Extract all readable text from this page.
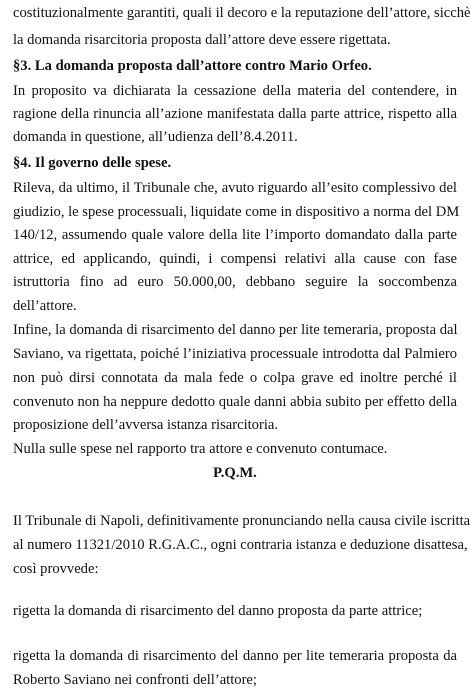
costituzionalmente garantiti, quali il decoro e la reputazione dell’attore, sicchè

la domanda risarcitoria proposta dall’attore deve essere rigettata.

§3. La domanda proposta dall’attore contro Mario Orfeo.

In proposito va dichiarata la cessazione della materia del contendere, in

ragione della rinuncia all’azione manifestata dalla parte attrice, rispetto alla

domanda in questione, all’udienza dell’8.4.2011.

§4. Il governo delle spese.

Rileva, da ultimo, il Tribunale che, avuto riguardo all’esito complessivo del

giudizio, le spese processuali, liquidate come in dispositivo a norma del DM

140/12, assumendo quale valore della lite l’importo domandato dalla parte

attrice, ed applicando, quindi, i compensi relativi alla cause con fase

istruttoria fino ad euro 50.000,00, debbano seguire la soccombenza

dell’attore.

Infine, la domanda di risarcimento del danno per lite temeraria, proposta dal

Saviano, va rigettata, poiché l’iniziativa processuale introdotta dal Palmiero

non può dirsi connotata da mala fede o colpa grave ed inoltre perché il

convenuto non ha neppure dedotto quale danni abbia subito per effetto della

proposizione dell’avversa istanza risarcitoria.

Nulla sulle spese nel rapporto tra attore e convenuto contumace.

P.Q.M.

Il Tribunale di Napoli, definitivamente pronunciando nella causa civile iscritta

al numero 11321/2010 R.G.A.C., ogni contraria istanza e deduzione disattesa,

così provvede:

rigetta la domanda di risarcimento del danno proposta da parte attrice;

rigetta la domanda di risarcimento del danno per lite temeraria proposta da

Roberto Saviano nei confronti dell’attore;
